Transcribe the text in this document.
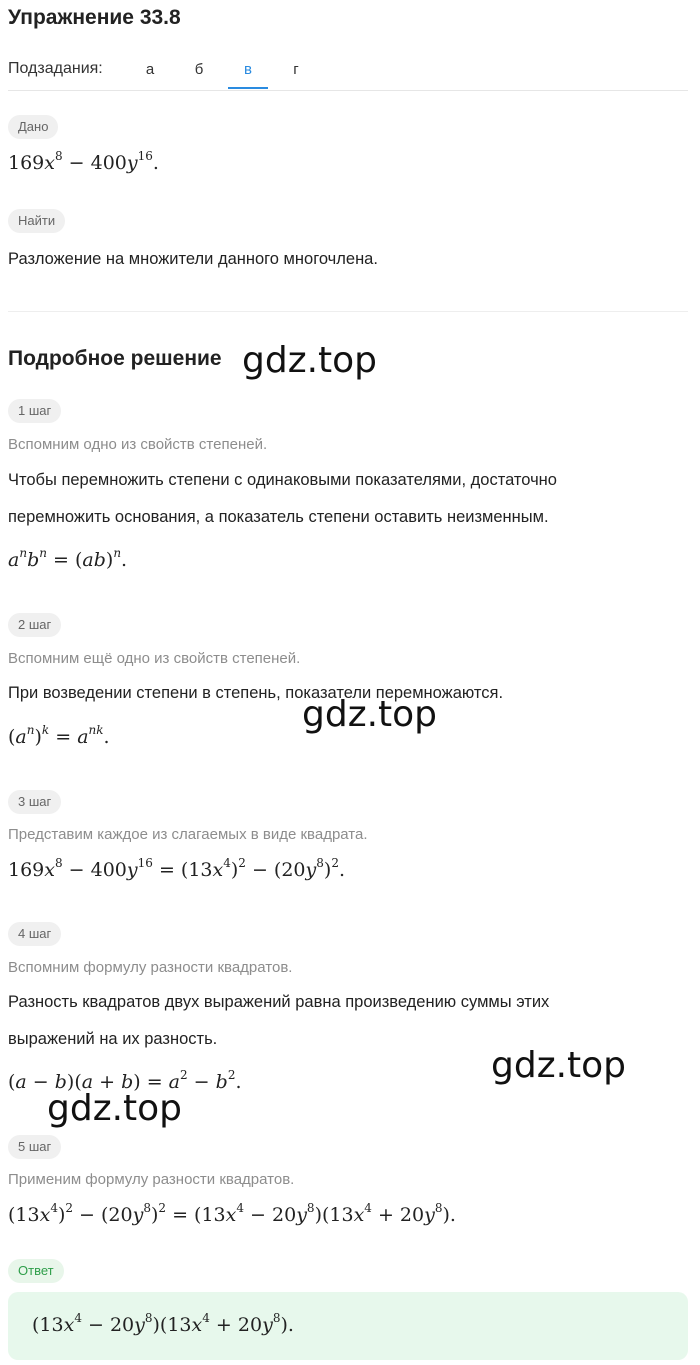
Упражнение 33.8
Подзадания:	а	б	в	г
Дано
$169x^8 - 400y^{16}$.
Найти
Разложение на множители данного многочлена.
Подробное решение
1 шаг
Вспомним одно из свойств степеней.
Чтобы перемножить степени с одинаковыми показателями, достаточно
перемножить основания, а показатель степени оставить неизменным.
$a^nb^n = (ab)^n$.
2 шаг
Вспомним ещё одно из свойств степеней.
При возведении степени в степень, показатели перемножаются.
$(a^n)^k = a^{nk}$.
3 шаг
Представим каждое из слагаемых в виде квадрата.
$169x^8 - 400y^{16} = (13x^4)^2 - (20y^8)^2$.
4 шаг
Вспомним формулу разности квадратов.
Разность квадратов двух выражений равна произведению суммы этих
выражений на их разность.
$(a - b)(a + b) = a^2 - b^2$.
5 шаг
Применим формулу разности квадратов.
$(13x^4)^2 - (20y^8)^2 = (13x^4 - 20y^8)(13x^4 + 20y^8)$.
Ответ
$(13x^4 - 20y^8)(13x^4 + 20y^8)$.
gdz.top
gdz.top
gdz.top
gdz.top
